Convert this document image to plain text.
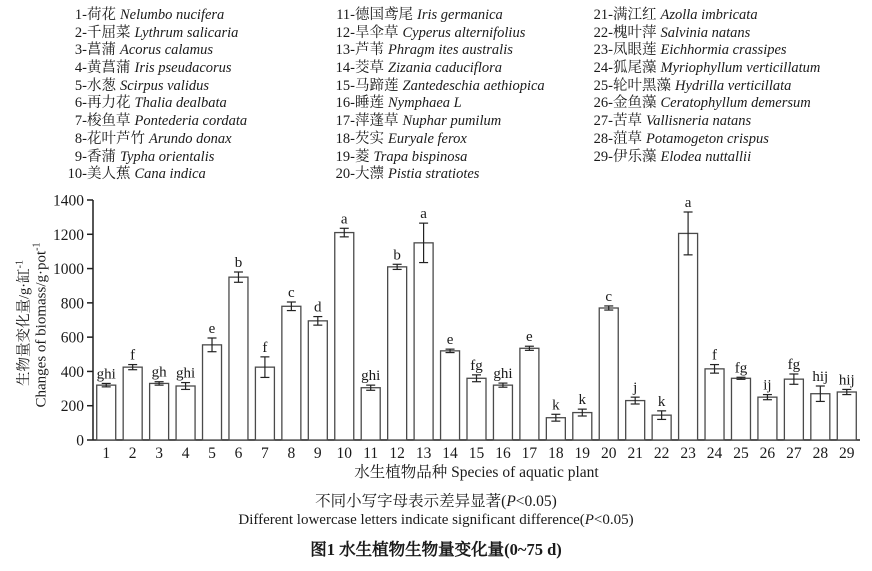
1-荷花 Nelumbo nucifera
2-千屈菜 Lythrum salicaria
3-菖蒲 Acorus calamus
4-黄菖蒲 Iris pseudacorus
5-水葱 Scirpus validus
6-再力花 Thalia dealbata
7-梭鱼草 Pontederia cordata
8-花叶芦竹 Arundo donax
9-香蒲 Typha orientalis
10-美人蕉 Cana indica
11-德国鸢尾 Iris germanica
12-旱伞草 Cyperus alternifolius
13-芦苇 Phragm ites australis
14-茭草 Zizania caduciflora
15-马蹄莲 Zantedeschia aethiopica
16-睡莲 Nymphaea L
17-萍蓬草 Nuphar pumilum
18-芡实 Euryale ferox
19-菱 Trapa bispinosa
20-大薸 Pistia stratiotes
21-满江红 Azolla imbricata
22-槐叶萍 Salvinia natans
23-凤眼莲 Eichhormia crassipes
24-狐尾藻 Myriophyllum verticillatum
25-轮叶黑藻 Hydrilla verticillata
26-金鱼藻 Ceratophyllum demersum
27-苦草 Vallisneria natans
28-菹草 Potamogeton crispus
29-伊乐藻 Elodea nuttallii
生物量变化量/g·缸$^{-1}$ Changes of biomass/g·pot$^{-1}$
0
200
400
600
800
1000
1200
1400
ghi
1
f
2
gh
3
ghi
4
e
5
b
6
f
7
c
8
d
9
a
10
ghi
11
b
12
a
13
e
14
fg
15
ghi
16
e
17
k
18
k
19
c
20
j
21
k
22
a
23
f
24
fg
25
ij
26
fg
27
hij
28
hij
29
水生植物品种 Species of aquatic plant
不同小写字母表示差异显著(P<0.05)
Different lowercase letters indicate significant difference(P<0.05)
图1 水生植物生物量变化量(0~75 d)
